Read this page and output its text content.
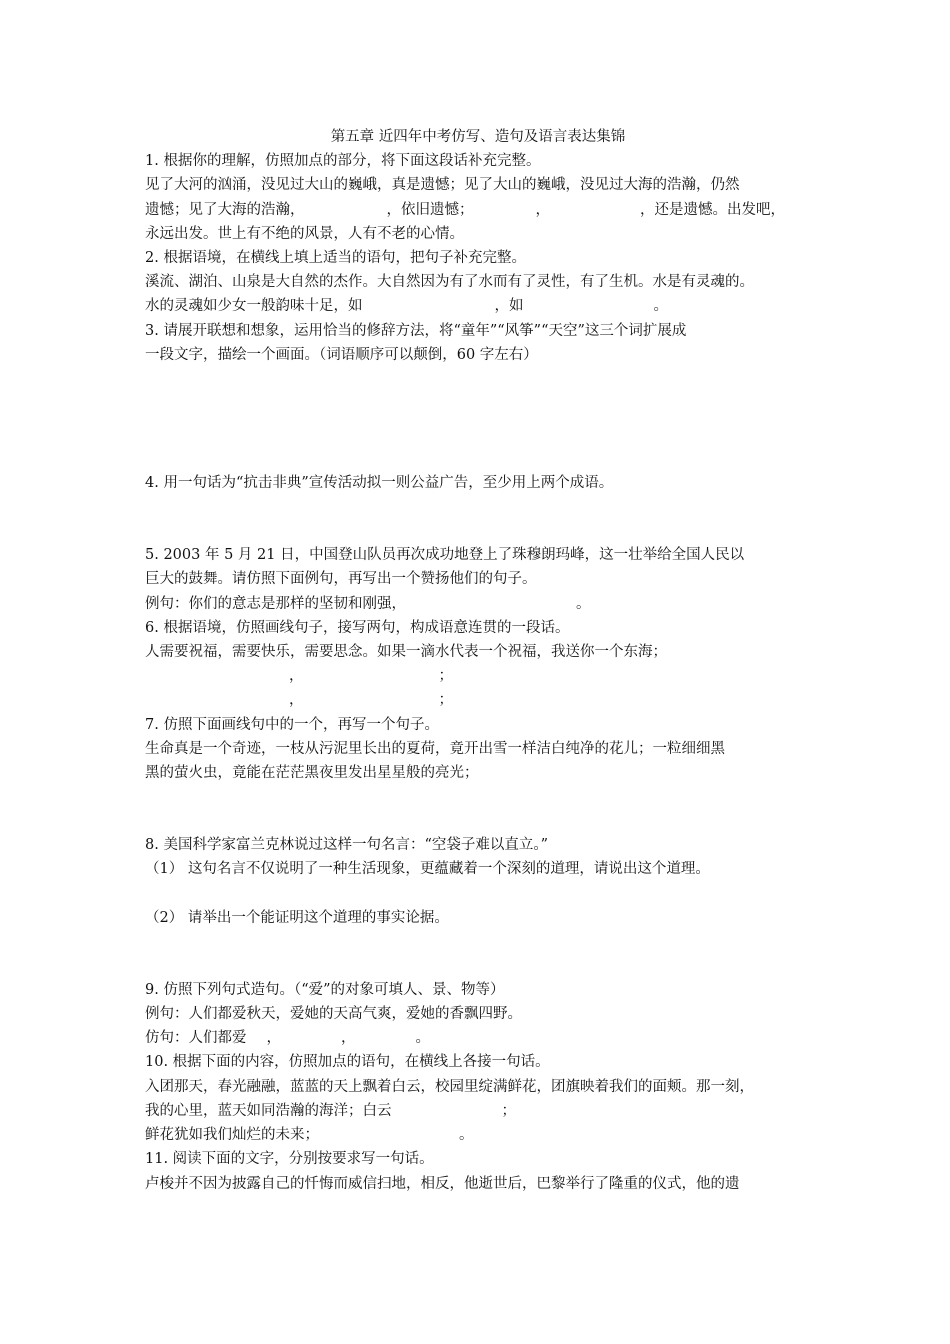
第五章 近四年中考仿写、造句及语言表达集锦
1. 根据你的理解，仿照加点的部分，将下面这段话补充完整。
见了大河的汹涌，没见过大山的巍峨，真是遗憾；见了大山的巍峨，没见过大海的浩瀚，仍然
遗憾；见了大海的浩瀚，	，依旧遗憾；	，	，还是遗憾。出发吧，
永远出发。世上有不绝的风景，人有不老的心情。
2. 根据语境，在横线上填上适当的语句，把句子补充完整。
溪流、湖泊、山泉是大自然的杰作。大自然因为有了水而有了灵性，有了生机。水是有灵魂的。
水的灵魂如少女一般韵味十足，如	，如	。
3. 请展开联想和想象，运用恰当的修辞方法，将“童年”“风筝”“天空”这三个词扩展成
一段文字，描绘一个画面。（词语顺序可以颠倒，60 字左右）
4. 用一句话为“抗击非典”宣传活动拟一则公益广告，至少用上两个成语。
5. 2003 年 5 月 21 日，中国登山队员再次成功地登上了珠穆朗玛峰，这一壮举给全国人民以
巨大的鼓舞。请仿照下面例句，再写出一个赞扬他们的句子。
例句：你们的意志是那样的坚韧和刚强，	。
6. 根据语境，仿照画线句子，接写两句，构成语意连贯的一段话。
人需要祝福，需要快乐，需要思念。如果一滴水代表一个祝福，我送你一个东海；
，	；
，	；
7. 仿照下面画线句中的一个，再写一个句子。
生命真是一个奇迹，一枝从污泥里长出的夏荷，竟开出雪一样洁白纯净的花儿；一粒细细黑
黑的萤火虫，竟能在茫茫黑夜里发出星星般的亮光；
8. 美国科学家富兰克林说过这样一句名言：“空袋子难以直立。”
（1） 这句名言不仅说明了一种生活现象，更蕴藏着一个深刻的道理，请说出这个道理。
（2） 请举出一个能证明这个道理的事实论据。
9. 仿照下列句式造句。（“爱”的对象可填人、景、物等）
例句：人们都爱秋天，爱她的天高气爽，爱她的香飘四野。
仿句：人们都爱 ，	，	。
10. 根据下面的内容，仿照加点的语句，在横线上各接一句话。
入团那天，春光融融，蓝蓝的天上飘着白云，校园里绽满鲜花，团旗映着我们的面颊。那一刻，
我的心里，蓝天如同浩瀚的海洋；白云	；
鲜花犹如我们灿烂的未来；	。
11. 阅读下面的文字，分别按要求写一句话。
卢梭并不因为披露自己的忏悔而威信扫地，相反，他逝世后，巴黎举行了隆重的仪式，他的遗
